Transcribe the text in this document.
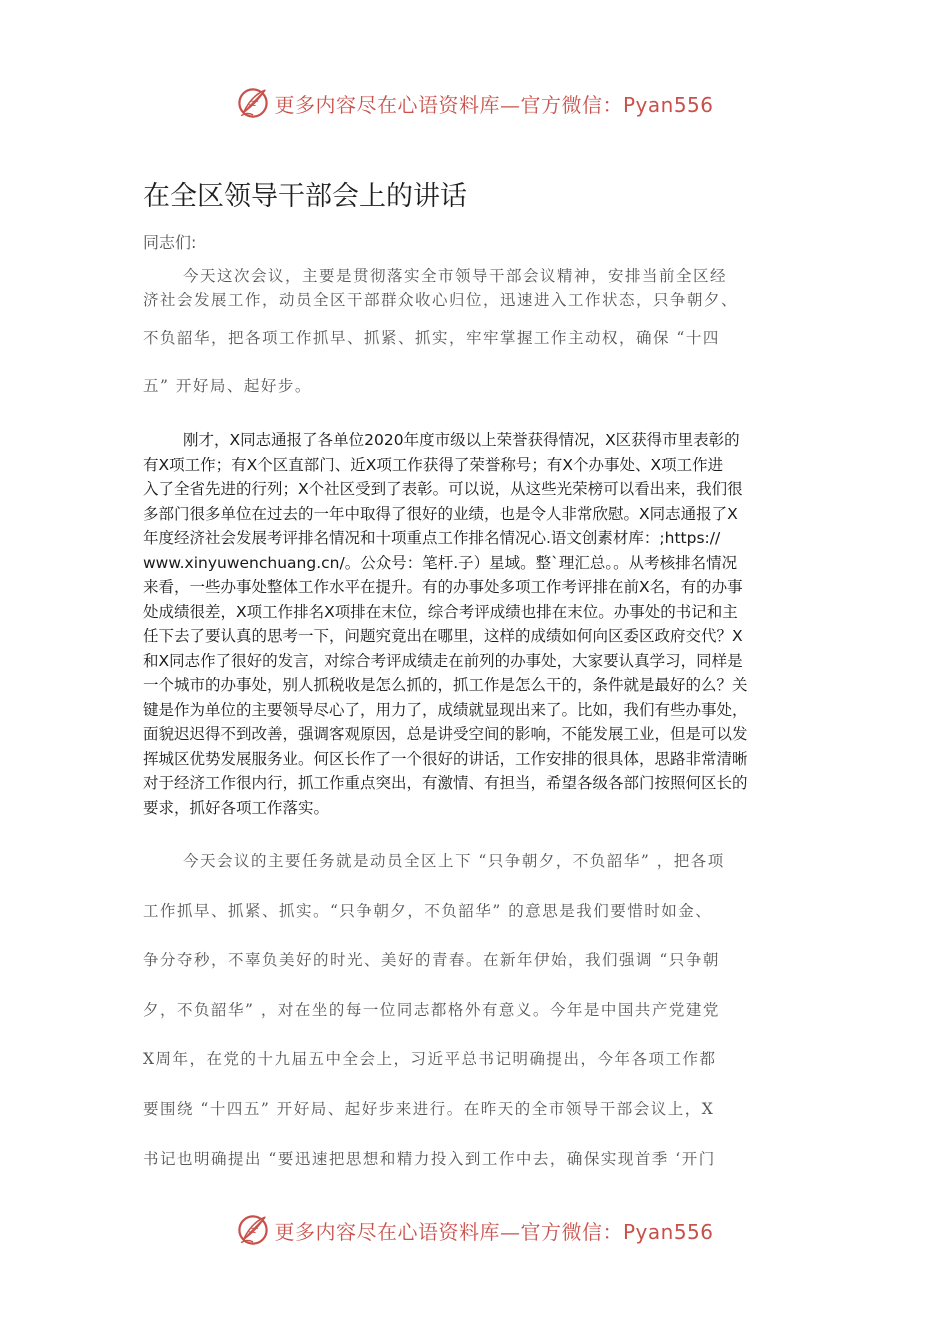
更多内容尽在心语资料库—官方微信：Pyan556
在全区领导干部会上的讲话

同志们:

今天这次会议，主要是贯彻落实全市领导干部会议精神，安排当前全区经
济社会发展工作，动员全区干部群众收心归位，迅速进入工作状态，只争朝夕、
不负韶华，把各项工作抓早、抓紧、抓实，牢牢掌握工作主动权，确保 “十四
五” 开好局、起好步。
刚才，X同志通报了各单位2020年度市级以上荣誉获得情况，X区获得市里表彰的
有X项工作；有X个区直部门、近X项工作获得了荣誉称号；有X个办事处、X项工作进
入了全省先进的行列；X个社区受到了表彰。可以说，从这些光荣榜可以看出来，我们很
多部门很多单位在过去的一年中取得了很好的业绩，也是令人非常欣慰。X同志通报了X
年度经济社会发展考评排名情况和十项重点工作排名情况心.语文创素材库：;https://
www.xinyuwenchuang.cn/。公众号：笔杆.子）星域。整`理汇总。。从考核排名情况
来看，一些办事处整体工作水平在提升。有的办事处多项工作考评排在前X名，有的办事
处成绩很差，X项工作排名X项排在末位，综合考评成绩也排在末位。办事处的书记和主
任下去了要认真的思考一下，问题究竟出在哪里，这样的成绩如何向区委区政府交代？X
和X同志作了很好的发言，对综合考评成绩走在前列的办事处，大家要认真学习，同样是
一个城市的办事处，别人抓税收是怎么抓的，抓工作是怎么干的，条件就是最好的么？关
键是作为单位的主要领导尽心了，用力了，成绩就显现出来了。比如，我们有些办事处，
面貌迟迟得不到改善，强调客观原因，总是讲受空间的影响，不能发展工业，但是可以发
挥城区优势发展服务业。何区长作了一个很好的讲话，工作安排的很具体，思路非常清晰
对于经济工作很内行，抓工作重点突出，有激情、有担当，希望各级各部门按照何区长的
要求，抓好各项工作落实。
今天会议的主要任务就是动员全区上下 “只争朝夕，不负韶华” ，把各项
工作抓早、抓紧、抓实。“只争朝夕，不负韶华” 的意思是我们要惜时如金、
争分夺秒，不辜负美好的时光、美好的青春。在新年伊始，我们强调 “只争朝
夕，不负韶华” ，对在坐的每一位同志都格外有意义。今年是中国共产党建党
X周年，在党的十九届五中全会上，习近平总书记明确提出，今年各项工作都
要围绕 “十四五” 开好局、起好步来进行。在昨天的全市领导干部会议上，X
书记也明确提出 “要迅速把思想和精力投入到工作中去，确保实现首季 ‘开门
更多内容尽在心语资料库—官方微信：Pyan556
